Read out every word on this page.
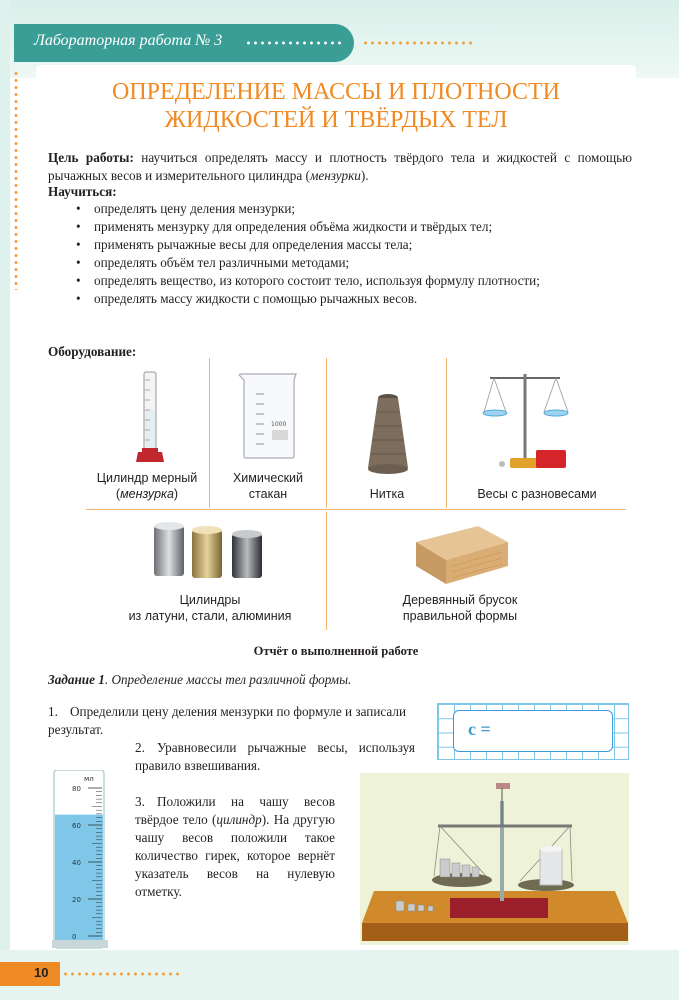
Лабораторная работа № 3
ОПРЕДЕЛЕНИЕ МАССЫ И ПЛОТНОСТИ
ЖИДКОСТЕЙ И ТВЁРДЫХ ТЕЛ
Цель работы: научиться определять массу и плотность твёрдого тела и жидкостей с помощью рычажных весов и измерительного цилиндра (мензурки).
Научиться:
• определять цену деления мензурки;
• применять мензурку для определения объёма жидкости и твёрдых тел;
• применять рычажные весы для определения массы тела;
• определять объём тел различными методами;
• определять вещество, из которого состоит тело, используя формулу плотности;
• определять массу жидкости с помощью рычажных весов.
Оборудование:
Цилиндр мерный
(мензурка)
1000
Химический
стакан	Нитка	Весы с разновесами
Цилиндры
из латуни, стали, алюминия
Деревянный брусок
правильной формы
Отчёт о выполненной работе
Задание 1. Определение массы тел различной формы.
1. Определили цену деления мензурки по формуле и записали результат.
2. Уравновесили рычажные весы, используя правило взвешивания.
3. Положили на чашу весов твёрдое тело (цилиндр). На другую чашу весов положили такое количество гирек, которое вернёт указатель весов на нулевую отметку.
c =
мл
80
60
40
20
0
10
